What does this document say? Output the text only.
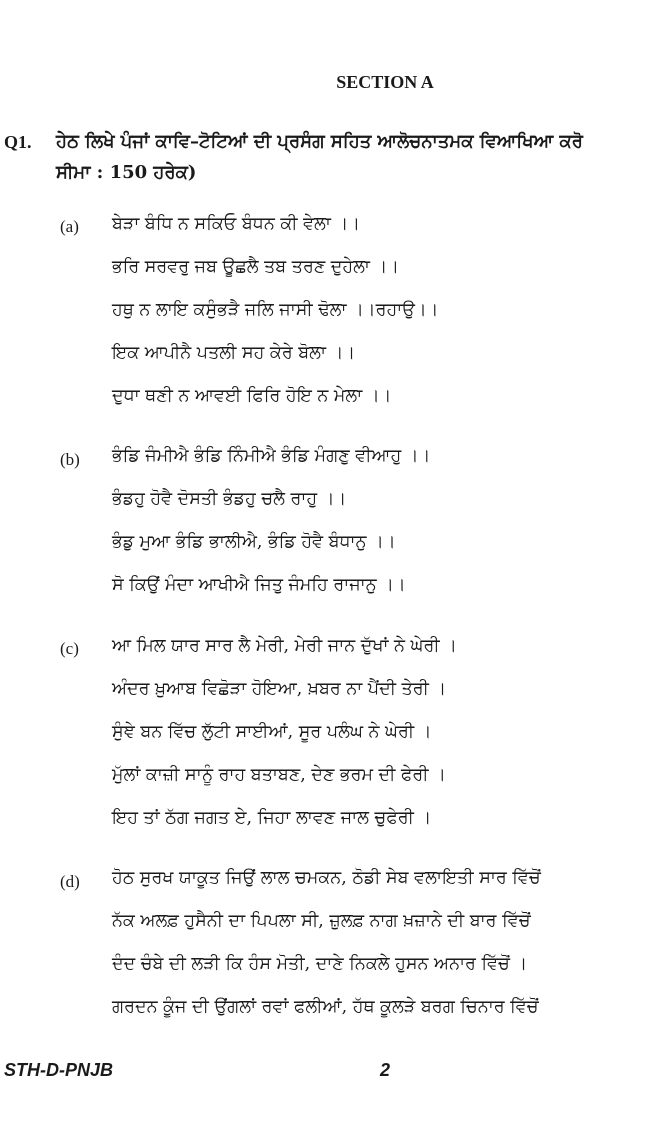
SECTION A
Q1. ਹੇਠ ਲਿਖੇ ਪੰਜਾਂ ਕਾਵਿ–ਟੋਟਿਆਂ ਦੀ ਪ੍ਰਸੰਗ ਸਹਿਤ ਆਲੋਚਨਾਤਮਕ ਵਿਆਖਿਆ ਕਰੋ
ਸੀਮਾ : 150 ਹਰੇਕ)
(a) ਬੇੜਾ ਬੰਧਿ ਨ ਸਕਿਓ ਬੰਧਨ ਕੀ ਵੇਲਾ ।।
ਭਰਿ ਸਰਵਰੁ ਜਬ ਊਛਲੈ ਤਬ ਤਰਣ ਦੁਹੇਲਾ ।।
ਹਥੁ ਨ ਲਾਇ ਕਸੁੰਭੜੈ ਜਲਿ ਜਾਸੀ ਢੋਲਾ ।।ਰਹਾਉ।।
ਇਕ ਆਪੀਨੈ ਪਤਲੀ ਸਹ ਕੇਰੇ ਬੋਲਾ ।।
ਦੁਧਾ ਥਣੀ ਨ ਆਵਈ ਫਿਰਿ ਹੋਇ ਨ ਮੇਲਾ ।।
(b) ਭੰਡਿ ਜੰਮੀਐ ਭੰਡਿ ਨਿੰਮੀਐ ਭੰਡਿ ਮੰਗਣੁ ਵੀਆਹੁ ।।
ਭੰਡਹੁ ਹੋਵੈ ਦੋਸਤੀ ਭੰਡਹੁ ਚਲੈ ਰਾਹੁ ।।
ਭੰਡੁ ਮੁਆ ਭੰਡਿ ਭਾਲੀਐ, ਭੰਡਿ ਹੋਵੈ ਬੰਧਾਨੁ ।।
ਸੋ ਕਿਉਂ ਮੰਦਾ ਆਖੀਐ ਜਿਤੁ ਜੰਮਹਿ ਰਾਜਾਨੁ ।।
(c) ਆ ਮਿਲ ਯਾਰ ਸਾਰ ਲੈ ਮੇਰੀ, ਮੇਰੀ ਜਾਨ ਦੁੱਖਾਂ ਨੇ ਘੇਰੀ ।
ਅੰਦਰ ਖ਼ੁਆਬ ਵਿਛੋੜਾ ਹੋਇਆ, ਖ਼ਬਰ ਨਾ ਪੈਂਦੀ ਤੇਰੀ ।
ਸੁੰਞੇ ਬਨ ਵਿੱਚ ਲੁੱਟੀ ਸਾਈਆਂ, ਸੂਰ ਪਲੰਘ ਨੇ ਘੇਰੀ ।
ਮੁੱਲਾਂ ਕਾਜ਼ੀ ਸਾਨੂੰ ਰਾਹ ਬਤਾਬਣ, ਦੇਣ ਭਰਮ ਦੀ ਫੇਰੀ ।
ਇਹ ਤਾਂ ਠੱਗ ਜਗਤ ਏ, ਜਿਹਾ ਲਾਵਣ ਜਾਲ ਚੁਫੇਰੀ ।
(d) ਹੋਠ ਸੁਰਖ ਯਾਕੂਤ ਜਿਉਂ ਲਾਲ ਚਮਕਨ, ਠੋਡੀ ਸੇਬ ਵਲਾਇਤੀ ਸਾਰ ਵਿੱਚੋਂ
ਨੱਕ ਅਲਫ਼ ਹੁਸੈਨੀ ਦਾ ਪਿਪਲਾ ਸੀ, ਜ਼ੁਲਫ਼ ਨਾਗ ਖ਼ਜ਼ਾਨੇ ਦੀ ਬਾਰ ਵਿੱਚੋਂ
ਦੰਦ ਚੰਬੇ ਦੀ ਲੜੀ ਕਿ ਹੰਸ ਮੋਤੀ, ਦਾਣੇ ਨਿਕਲੇ ਹੁਸਨ ਅਨਾਰ ਵਿੱਚੋਂ ।
ਗਰਦਨ ਕੂੰਜ ਦੀ ਉਂਗਲਾਂ ਰਵਾਂ ਫਲੀਆਂ, ਹੱਥ ਕੂਲੜੇ ਬਰਗ ਚਿਨਾਰ ਵਿੱਚੋਂ
STH-D-PNJB	2
